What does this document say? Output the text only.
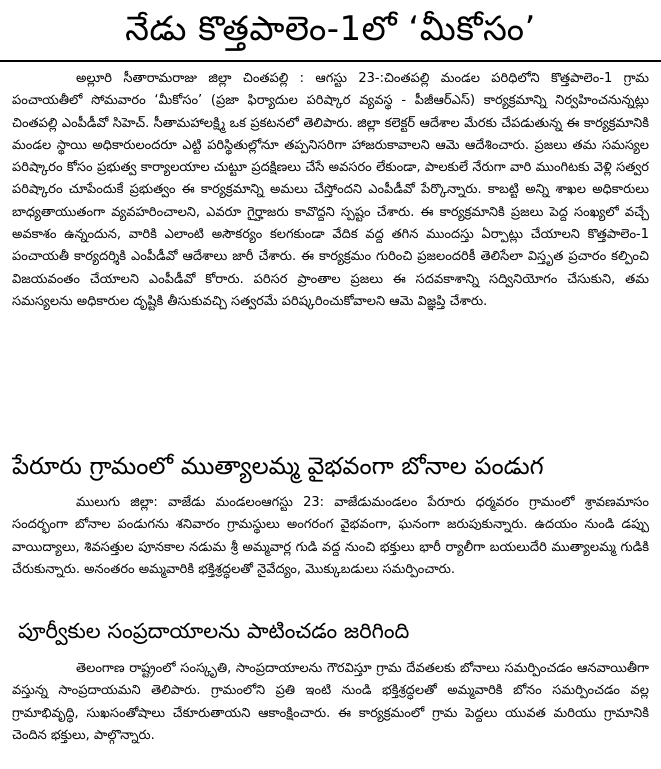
నేడు కొత్తపాలెం-1లో ‘మీకోసం’

అల్లూరి సీతారామరాజు జిల్లా చింతపల్లి : ఆగస్టు 23-:చింతపల్లి మండల పరిధిలోని కొత్తపాలెం-1 గ్రామ పంచాయతీలో సోమవారం ‘మీకోసం’ (ప్రజా ఫిర్యాదుల పరిష్కార వ్యవస్థ - పీజీఆర్ఎస్) కార్యక్రమాన్ని నిర్వహించనున్నట్లు చింతపల్లి ఎంపీడీవో సిహెచ్. సీతామహాలక్ష్మి ఒక ప్రకటనలో తెలిపారు. జిల్లా కలెక్టర్ ఆదేశాల మేరకు చేపడుతున్న ఈ కార్యక్రమానికి మండల స్థాయి అధికారులందరూ ఎట్టి పరిస్థితుల్లోనూ తప్పనిసరిగా హాజరుకావాలని ఆమె ఆదేశించారు. ప్రజలు తమ సమస్యల పరిష్కారం కోసం ప్రభుత్వ కార్యాలయాల చుట్టూ ప్రదక్షిణలు చేసే అవసరం లేకుండా, పాలకులే నేరుగా వారి ముంగిటకు వెళ్లి సత్వర పరిష్కారం చూపేందుకే ప్రభుత్వం ఈ కార్యక్రమాన్ని అమలు చేస్తోందని ఎంపీడీవో పేర్కొన్నారు. కాబట్టి అన్ని శాఖల అధికారులు బాధ్యతాయుతంగా వ్యవహరించాలని, ఎవరూ గైర్హాజరు కావొద్దని స్పష్టం చేశారు. ఈ కార్యక్రమానికి ప్రజలు పెద్ద సంఖ్యలో వచ్చే అవకాశం ఉన్నందున, వారికి ఎలాంటి అసౌకర్యం కలగకుండా వేదిక వద్ద తగిన ముందస్తు ఏర్పాట్లు చేయాలని కొత్తపాలెం-1 పంచాయతీ కార్యదర్శికి ఎంపీడీవో ఆదేశాలు జారీ చేశారు. ఈ కార్యక్రమం గురించి ప్రజలందరికీ తెలిసేలా విస్తృత ప్రచారం కల్పించి విజయవంతం చేయాలని ఎంపీడీవో కోరారు. పరిసర ప్రాంతాల ప్రజలు ఈ సదవకాశాన్ని సద్వినియోగం చేసుకుని, తమ సమస్యలను అధికారుల దృష్టికి తీసుకువచ్చి సత్వరమే పరిష్కరించుకోవాలని ఆమె విజ్ఞప్తి చేశారు.

పేరూరు గ్రామంలో ముత్యాలమ్మ వైభవంగా బోనాల పండుగ

ములుగు జిల్లా: వాజేడు మండలంఆగస్టు 23: వాజేడుమండలం పేరూరు ధర్మవరం గ్రామంలో శ్రావణమాసం సందర్భంగా బోనాల పండుగను శనివారం గ్రామస్థులు అంగరంగ వైభవంగా, ఘనంగా జరుపుకున్నారు. ఉదయం నుండి డప్పు వాయిద్యాలు, శివసత్తుల పూనకాల నడుమ శ్రీ అమ్మవార్ల గుడి వద్ద నుంచి భక్తులు భారీ ర్యాలీగా బయలుదేరి ముత్యాలమ్మ గుడికి చేరుకున్నారు. అనంతరం అమ్మవారికి భక్తిశ్రద్ధలతో నైవేద్యం, మొక్కుబడులు సమర్పించారు.

పూర్వీకుల సంప్రదాయాలను పాటించడం జరిగింది

తెలంగాణ రాష్ట్రంలో సంస్కృతి, సాంప్రదాయాలను గౌరవిస్తూ గ్రామ దేవతలకు బోనాలు సమర్పించడం ఆనవాయితీగా వస్తున్న సాంప్రదాయమని తెలిపారు. గ్రామంలోని ప్రతి ఇంటి నుండి భక్తిశ్రద్ధలతో అమ్మవారికి బోనం సమర్పించడం వల్ల గ్రామాభివృద్ధి, సుఖసంతోషాలు చేకూరుతాయని ఆకాంక్షించారు. ఈ కార్యక్రమంలో గ్రామ పెద్దలు యువత మరియు గ్రామానికి చెందిన భక్తులు, పాల్గొన్నారు.
